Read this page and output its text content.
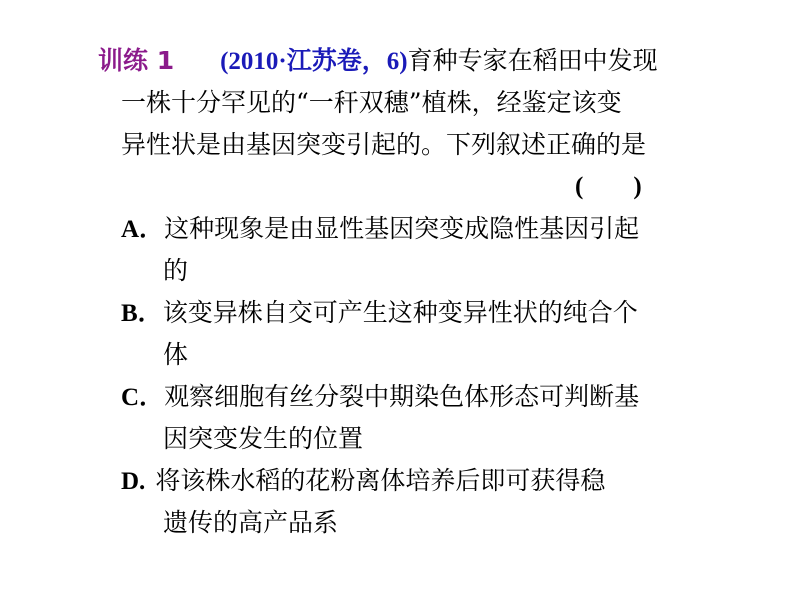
训练 1 (2010·江苏卷，6)育种专家在稻田中发现
一株十分罕见的“一秆双穗”植株，经鉴定该变
异性状是由基因突变引起的。下列叙述正确的是
(　　)
A．这种现象是由显性基因突变成隐性基因引起
的
B．该变异株自交可产生这种变异性状的纯合个
体
C．观察细胞有丝分裂中期染色体形态可判断基
因突变发生的位置
D. 将该株水稻的花粉离体培养后即可获得稳
遗传的高产品系
